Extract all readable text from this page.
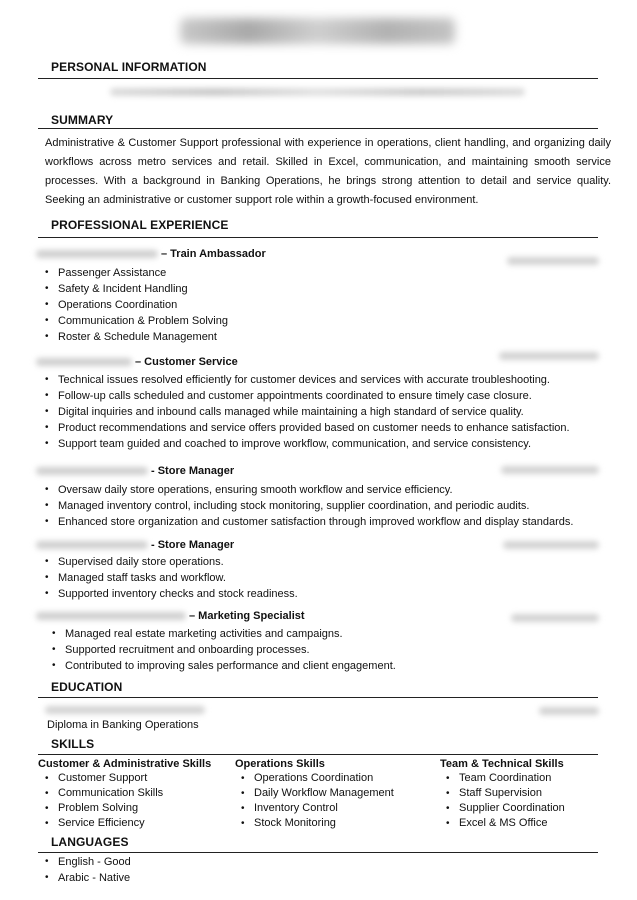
PERSONAL INFORMATION
SUMMARY
Administrative & Customer Support professional with experience in operations, client handling, and organizing daily workflows across metro services and retail. Skilled in Excel, communication, and maintaining smooth service processes. With a background in Banking Operations, he brings strong attention to detail and service quality. Seeking an administrative or customer support role within a growth-focused environment.
PROFESSIONAL EXPERIENCE
– Train Ambassador
• Passenger Assistance
• Safety & Incident Handling
• Operations Coordination
• Communication & Problem Solving
• Roster & Schedule Management
– Customer Service
• Technical issues resolved efficiently for customer devices and services with accurate troubleshooting.
• Follow-up calls scheduled and customer appointments coordinated to ensure timely case closure.
• Digital inquiries and inbound calls managed while maintaining a high standard of service quality.
• Product recommendations and service offers provided based on customer needs to enhance satisfaction.
• Support team guided and coached to improve workflow, communication, and service consistency.
- Store Manager
• Oversaw daily store operations, ensuring smooth workflow and service efficiency.
• Managed inventory control, including stock monitoring, supplier coordination, and periodic audits.
• Enhanced store organization and customer satisfaction through improved workflow and display standards.
- Store Manager
• Supervised daily store operations.
• Managed staff tasks and workflow.
• Supported inventory checks and stock readiness.
– Marketing Specialist
• Managed real estate marketing activities and campaigns.
• Supported recruitment and onboarding processes.
• Contributed to improving sales performance and client engagement.
EDUCATION
Diploma in Banking Operations
SKILLS
Customer & Administrative Skills
• Customer Support
• Communication Skills
• Problem Solving
• Service Efficiency
Operations Skills
• Operations Coordination
• Daily Workflow Management
• Inventory Control
• Stock Monitoring
Team & Technical Skills
• Team Coordination
• Staff Supervision
• Supplier Coordination
• Excel & MS Office
LANGUAGES
• English - Good
• Arabic - Native
